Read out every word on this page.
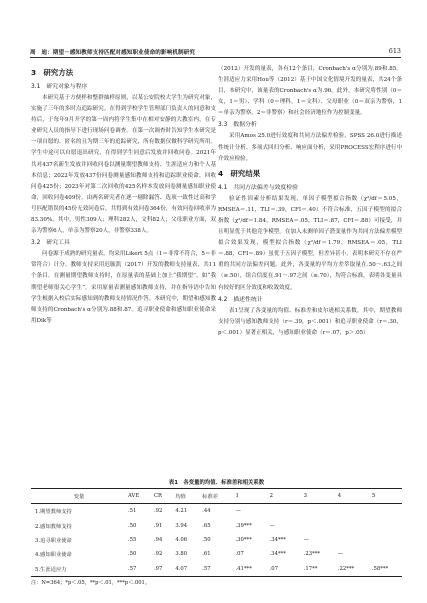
周　迪：期望－感知教师支持匹配对感知职业使命的影响机制研究	613
3　研究方法
3.1　研究对象与程序
本研究基于方便样和整群抽样原则，以某公安院校大学生为研究对象，实施了三年的多时点追踪研究。在得到学校学生管理部门负责人的同意和支持后，于每年9月开学的第一周内将学生集中在相对安静的大教室内，在专业研究人员的指导下进行现场问卷调查。在第一次调查时告知学生本研究是一项自愿的、匿名的且为期三年的追踪研究，所有数据仅做科学研究所用。学生中途可以自愿退出研究，在得到学生同意后发放并回收问卷。2021年共对437名新生发放并回收问卷以测量期望教师支持、生涯适应力和个人基本信息；2022年发放437份问卷测量感知教师支持和追踪职业使命，回收问卷425份；2023年对第二次回收的425名样本发放问卷测量感知职业使命，回收问卷409份。由两名研究者在逐一剔除漏答、选项一致性过高和学号匹配错误的45份无效问卷后，共得到有效问卷364份，有效问卷回收率为83.30%。其中，男性309人；理科282人，文科82人；父母职业方面，双亲为警察6人，单亲为警察20人，非警察338人。
3.2　研究工具
问卷源于成熟的研究量表，均采用Likert 5点（1＝非常不符合，5＝非常符合）计分。教师支持采用迟毓凯（2017）开发的教师支持量表，共11个条目。在测量期望教师支持时，在原量表的基础上加上“我期望”，如“我期望老师很关心学生”。采用原量表测量感知教师支持，并在指导语中告知学生根据入校后实际感知到的教师支持情况作答。本研究中，期望和感知教师支持的Cronbach's α分别为.88和.87。追寻职业使命和感知职业使命采用Dik等
（2012）开发的量表，各有12个条目，Cronbach's α分别为.89和.85。生涯适应力采用Hou等（2012）基于中国文化情境开发的量表，共24个条目，本研究中，该量表的Cronbach's α为.96。此外，本研究将性别（0＝女，1＝男）、学科（0＝理科，1＝文科）、父母职业（0＝双亲为警察，1＝单亲为警察，2＝非警察）和社会经济地位作为控制变量。
3.3　数据分析
采用Amos 25.0进行效度和共同方法偏差检验，SPSS 26.0进行描述性统计分析、多项式回归分析、响应面分析，采用PROCESS宏程序进行中介效应检验。
4　研究结果
4.1　共同方法偏差与效度检验
验证性因素分析结果发现，单因子模型拟合指数（χ²/df＝5.05，RMSEA＝.11，TLI＝.39，CFI＝.40）不符合标准，五因子模型的拟合指数（χ²/df＝1.84，RMSEA＝.05，TLI＝.87，CFI＝.88）可接受，并且明显优于其他竞争模型。在加入未测单因子潜变量作为共同方法偏差模型拟合效果发现，模型拟合指数（χ²/df＝1.79，RMSEA＝.05，TLI＝.88，CFI＝.89）虽优于五因子模型，但差异甚小，表明本研究不存在严重的共同方法偏差问题。此外，各变量的平均方差萃取量在.50～.63之间（≥.50），组合信度在.91～.97之间（≥.70），均符合标准，表明各变量具有较好的区分效度和收敛效度。
4.2　描述性统计
表1呈现了各变量的均值、标准差和皮尔逊相关系数。其中，期望教师支持分别与感知教师支持（r＝.39，p＜.001）和追寻职业使命（r＝.30，p＜.001）显著正相关，与感知职业使命（r＝.07，p＞.05）
表1　各变量的均值、标准差和相关系数
变量	AVE	CR	均值	标准差	1	2	3	4	5
1.期望教师支持	.51	.92	4.21	.44	—				
2.感知教师支持	.50	.91	3.94	.65	.39***	—			
3.追寻职业使命	.55	.94	4.06	.50	.30***	.34***	—		
4.感知职业使命	.50	.92	3.80	.61	.07	.34***	.23***	—	
5.生涯适应力	.57	.97	4.07	.57	.41***	.07	.17**	.22***	.58***
注：N=364；*p＜.05，**p＜.01，***p＜.001。
